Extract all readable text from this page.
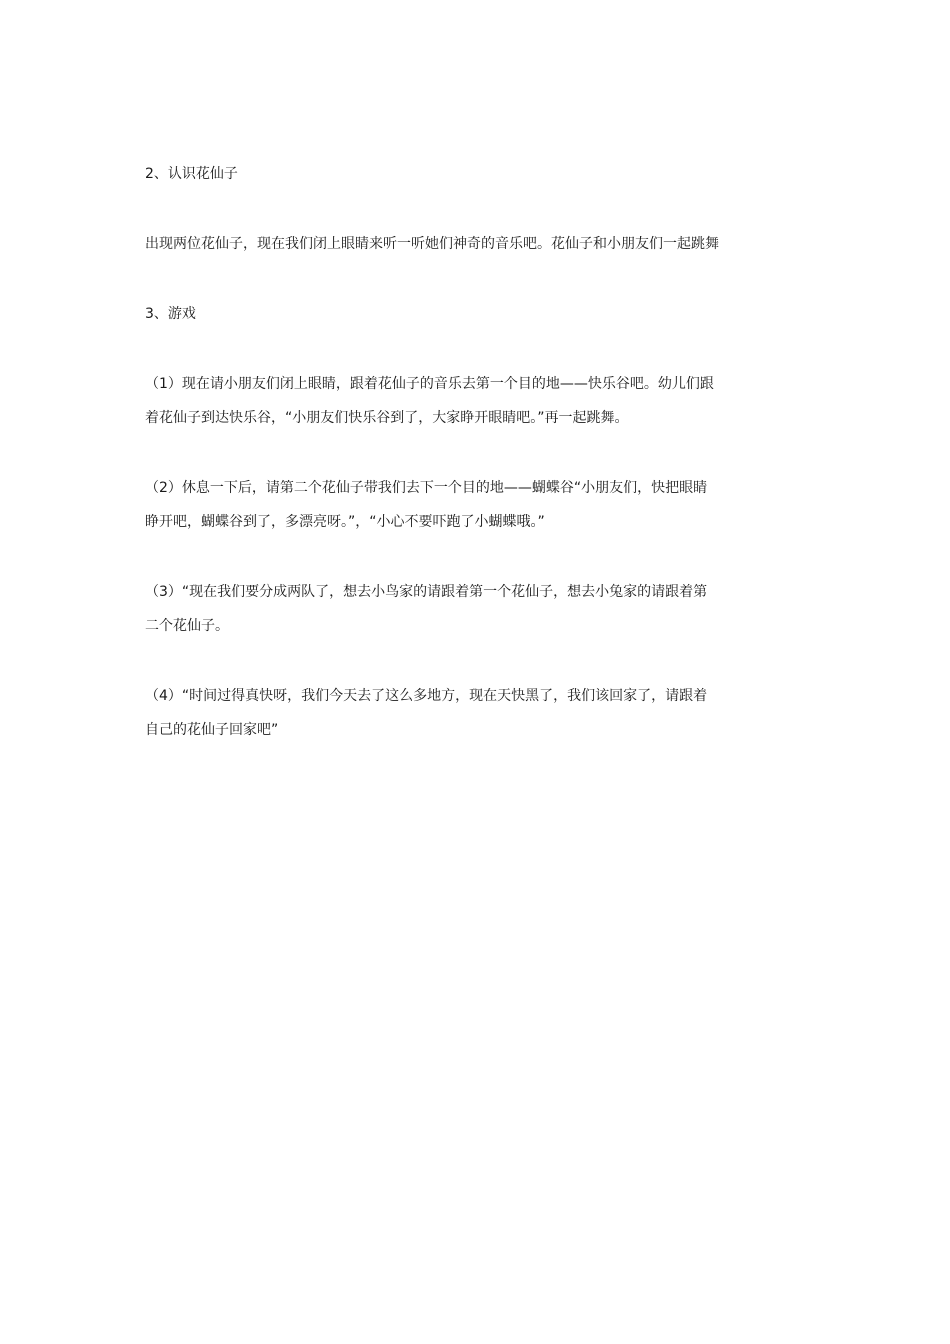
2、认识花仙子

出现两位花仙子，现在我们闭上眼睛来听一听她们神奇的音乐吧。花仙子和小朋友们一起跳舞

3、游戏

（1）现在请小朋友们闭上眼睛，跟着花仙子的音乐去第一个目的地——快乐谷吧。幼儿们跟

着花仙子到达快乐谷，“小朋友们快乐谷到了，大家睁开眼睛吧。”再一起跳舞。

（2）休息一下后，请第二个花仙子带我们去下一个目的地——蝴蝶谷“小朋友们，快把眼睛

睁开吧，蝴蝶谷到了，多漂亮呀。”，“小心不要吓跑了小蝴蝶哦。”

（3）“现在我们要分成两队了，想去小鸟家的请跟着第一个花仙子，想去小兔家的请跟着第

二个花仙子。

（4）“时间过得真快呀，我们今天去了这么多地方，现在天快黑了，我们该回家了，请跟着

自己的花仙子回家吧”
